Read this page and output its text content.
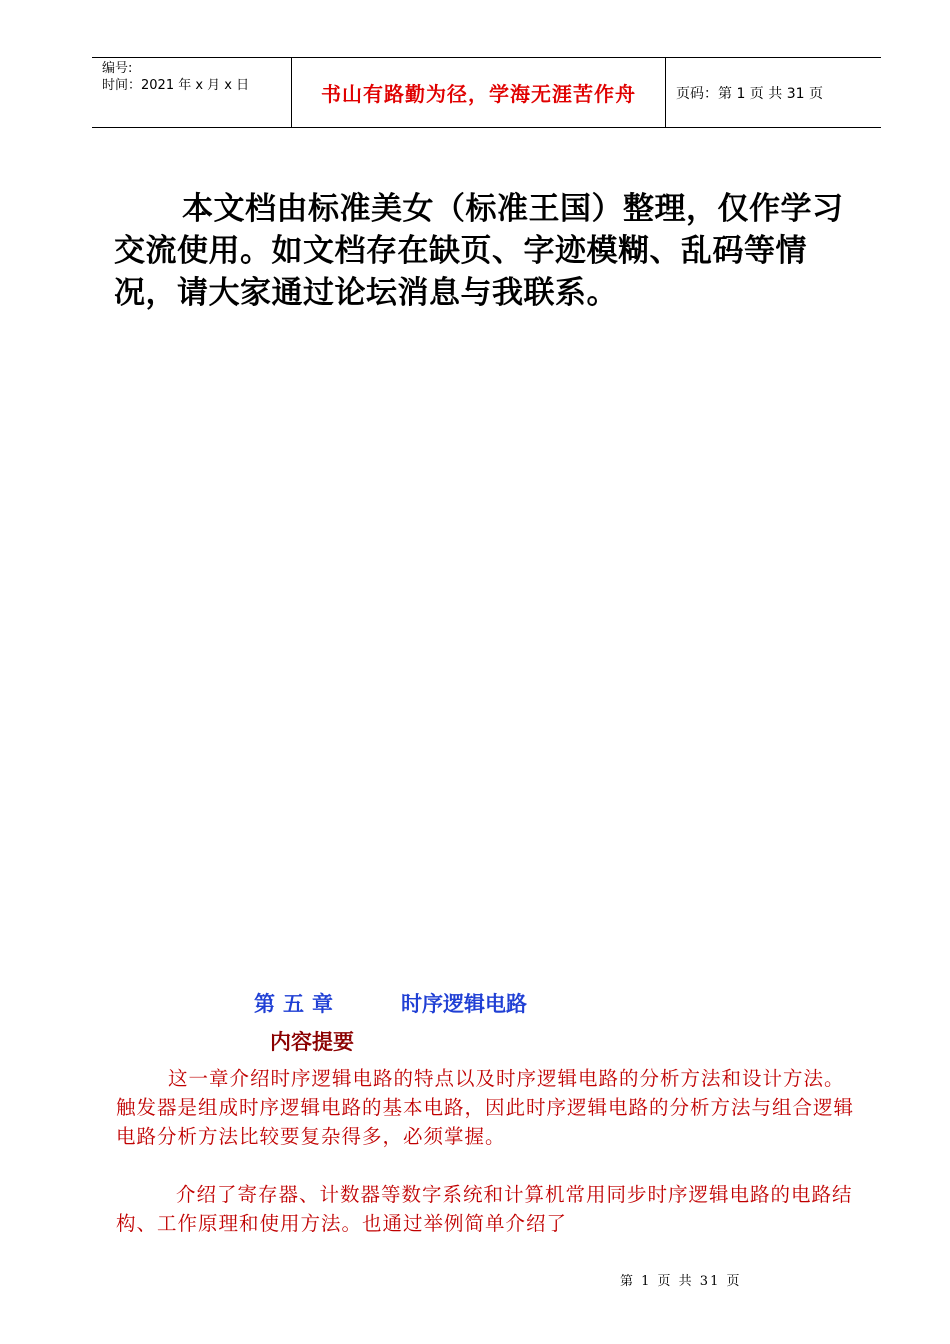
编号:
时间：2021 年 x 月 x 日	书山有路勤为径，学海无涯苦作舟	页码：第 1 页 共 31 页
本文档由标准美女（标准王国）整理，仅作学习交流使用。如文档存在缺页、字迹模糊、乱码等情况，请大家通过论坛消息与我联系。
第五章	时序逻辑电路
内容提要
这一章介绍时序逻辑电路的特点以及时序逻辑电路的分析方法和设计方法。触发器是组成时序逻辑电路的基本电路，因此时序逻辑电路的分析方法与组合逻辑电路分析方法比较要复杂得多，必须掌握。
介绍了寄存器、计数器等数字系统和计算机常用同步时序逻辑电路的电路结构、工作原理和使用方法。也通过举例简单介绍了
第 1 页 共 31 页
